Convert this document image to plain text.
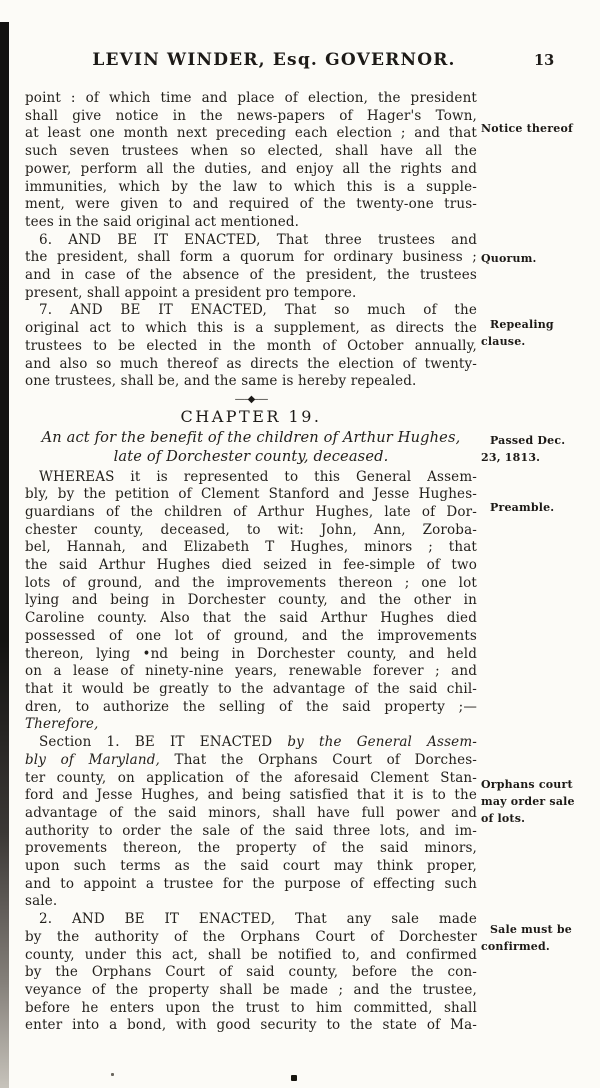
LEVIN WINDER, Esq. GOVERNOR.	13
point : of which time and place of election, the president
shall give notice in the news-papers of Hager's Town,
at least one month next preceding each election ; and that
such seven trustees when so elected, shall have all the
power, perform all the duties, and enjoy all the rights and
immunities, which by the law to which this is a supple-
ment, were given to and required of the twenty-one trus-
tees in the said original act mentioned.
6. AND BE IT ENACTED, That three trustees and
the president, shall form a quorum for ordinary business ;
and in case of the absence of the president, the trustees
present, shall appoint a president pro tempore.
7. AND BE IT ENACTED, That so much of the
original act to which this is a supplement, as directs the
trustees to be elected in the month of October annually,
and also so much thereof as directs the election of twenty-
one trustees, shall be, and the same is hereby repealed.
—–◆–—
CHAPTER 19.
An act for the benefit of the children of Arthur Hughes,
late of Dorchester county, deceased.
WHEREAS it is represented to this General Assem-
bly, by the petition of Clement Stanford and Jesse Hughes-
guardians of the children of Arthur Hughes, late of Dor-
chester county, deceased, to wit: John, Ann, Zoroba-
bel, Hannah, and Elizabeth T Hughes, minors ; that
the said Arthur Hughes died seized in fee-simple of two
lots of ground, and the improvements thereon ; one lot
lying and being in Dorchester county, and the other in
Caroline county. Also that the said Arthur Hughes died
possessed of one lot of ground, and the improvements
thereon, lying •nd being in Dorchester county, and held
on a lease of ninety-nine years, renewable forever ; and
that it would be greatly to the advantage of the said chil-
dren, to authorize the selling of the said property ;—
Therefore,
Section 1. BE IT ENACTED by the General Assem-
bly of Maryland, That the Orphans Court of Dorches-
ter county, on application of the aforesaid Clement Stan-
ford and Jesse Hughes, and being satisfied that it is to the
advantage of the said minors, shall have full power and
authority to order the sale of the said three lots, and im-
provements thereon, the property of the said minors,
upon such terms as the said court may think proper,
and to appoint a trustee for the purpose of effecting such
sale.
2. AND BE IT ENACTED, That any sale made
by the authority of the Orphans Court of Dorchester
county, under this act, shall be notified to, and confirmed
by the Orphans Court of said county, before the con-
veyance of the property shall be made ; and the trustee,
before he enters upon the trust to him committed, shall
enter into a bond, with good security to the state of Ma-
Notice thereof
Quorum.
Repealing
clause.
Passed Dec.
23, 1813.
Preamble.
Orphans court
may order sale
of lots.
Sale must be
confirmed.
